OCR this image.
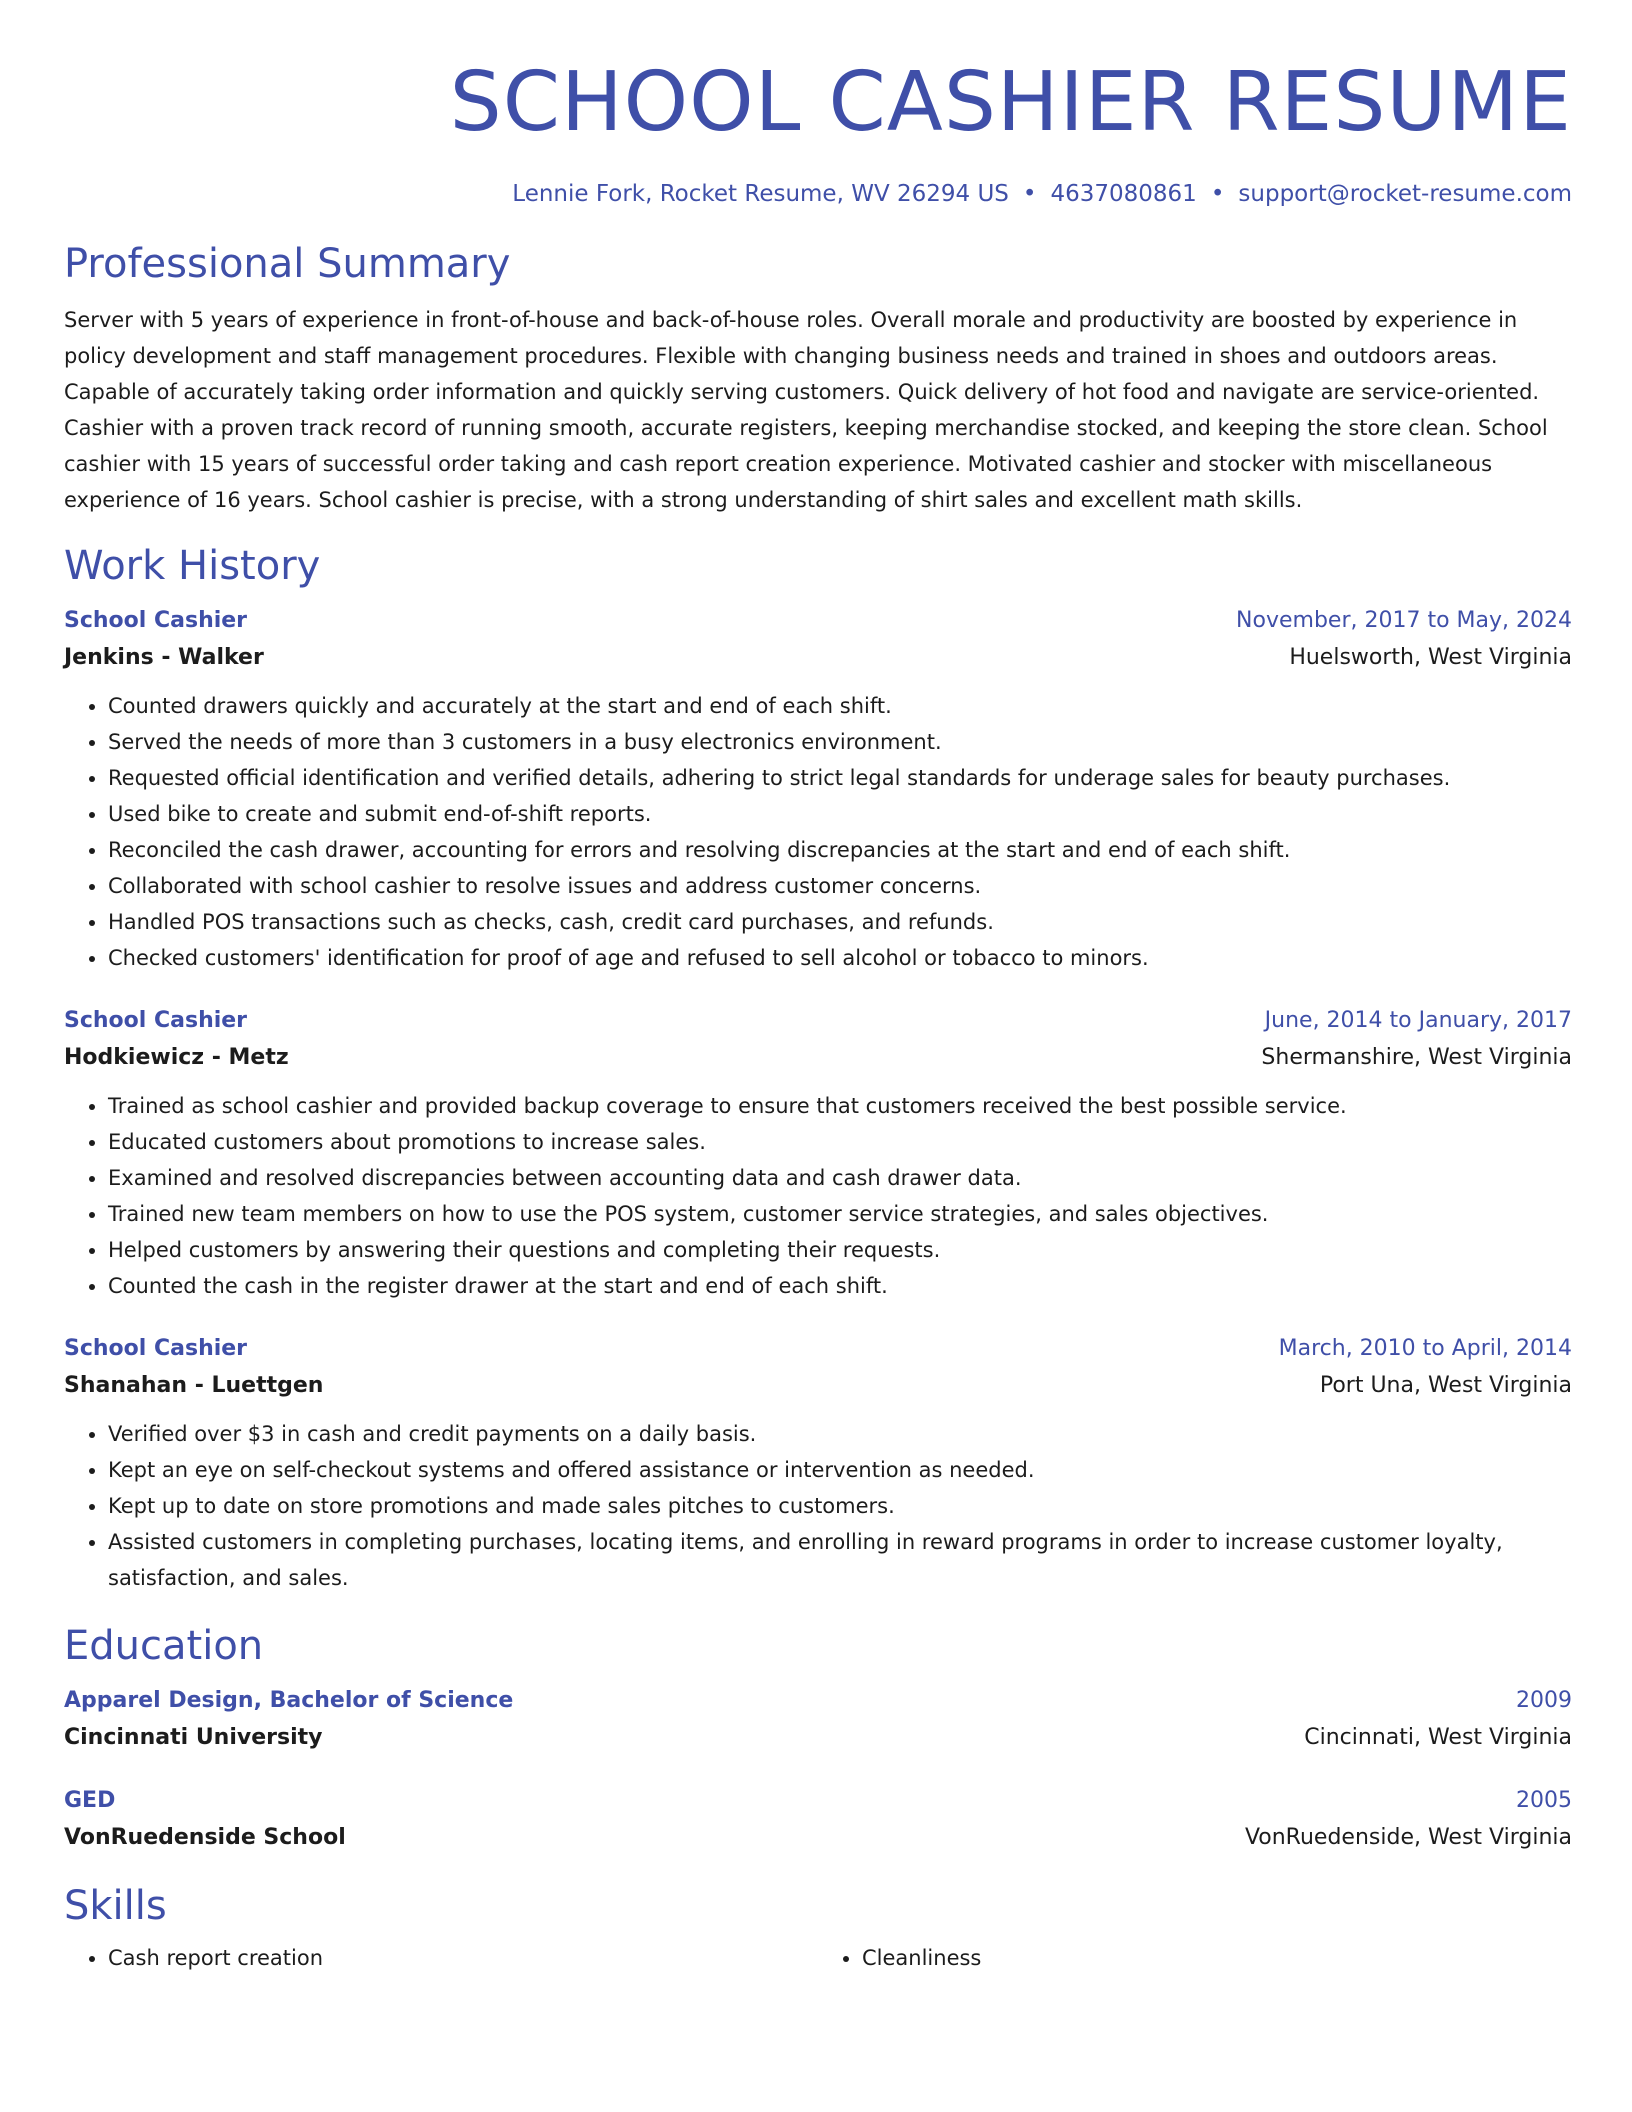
SCHOOL CASHIER RESUME
Lennie Fork, Rocket Resume, WV 26294 US • 4637080861 • support@rocket-resume.com
Professional Summary

Server with 5 years of experience in front-of-house and back-of-house roles. Overall morale and productivity are boosted by experience in policy development and staff management procedures. Flexible with changing business needs and trained in shoes and outdoors areas. Capable of accurately taking order information and quickly serving customers. Quick delivery of hot food and navigate are service-oriented. Cashier with a proven track record of running smooth, accurate registers, keeping merchandise stocked, and keeping the store clean. School cashier with 15 years of successful order taking and cash report creation experience. Motivated cashier and stocker with miscellaneous experience of 16 years. School cashier is precise, with a strong understanding of shirt sales and excellent math skills.

Work History
School Cashier	November, 2017 to May, 2024
Jenkins - Walker	Huelsworth, West Virginia
• Counted drawers quickly and accurately at the start and end of each shift.
• Served the needs of more than 3 customers in a busy electronics environment.
• Requested official identification and verified details, adhering to strict legal standards for underage sales for beauty purchases.
• Used bike to create and submit end-of-shift reports.
• Reconciled the cash drawer, accounting for errors and resolving discrepancies at the start and end of each shift.
• Collaborated with school cashier to resolve issues and address customer concerns.
• Handled POS transactions such as checks, cash, credit card purchases, and refunds.
• Checked customers' identification for proof of age and refused to sell alcohol or tobacco to minors.
School Cashier	June, 2014 to January, 2017
Hodkiewicz - Metz	Shermanshire, West Virginia
• Trained as school cashier and provided backup coverage to ensure that customers received the best possible service.
• Educated customers about promotions to increase sales.
• Examined and resolved discrepancies between accounting data and cash drawer data.
• Trained new team members on how to use the POS system, customer service strategies, and sales objectives.
• Helped customers by answering their questions and completing their requests.
• Counted the cash in the register drawer at the start and end of each shift.
School Cashier	March, 2010 to April, 2014
Shanahan - Luettgen	Port Una, West Virginia
• Verified over $3 in cash and credit payments on a daily basis.
• Kept an eye on self-checkout systems and offered assistance or intervention as needed.
• Kept up to date on store promotions and made sales pitches to customers.
• Assisted customers in completing purchases, locating items, and enrolling in reward programs in order to increase customer loyalty, satisfaction, and sales.
Education
Apparel Design, Bachelor of Science	2009
Cincinnati University	Cincinnati, West Virginia
GED	2005
VonRuedenside School	VonRuedenside, West Virginia
Skills
• Cash report creation
•	Cleanliness
